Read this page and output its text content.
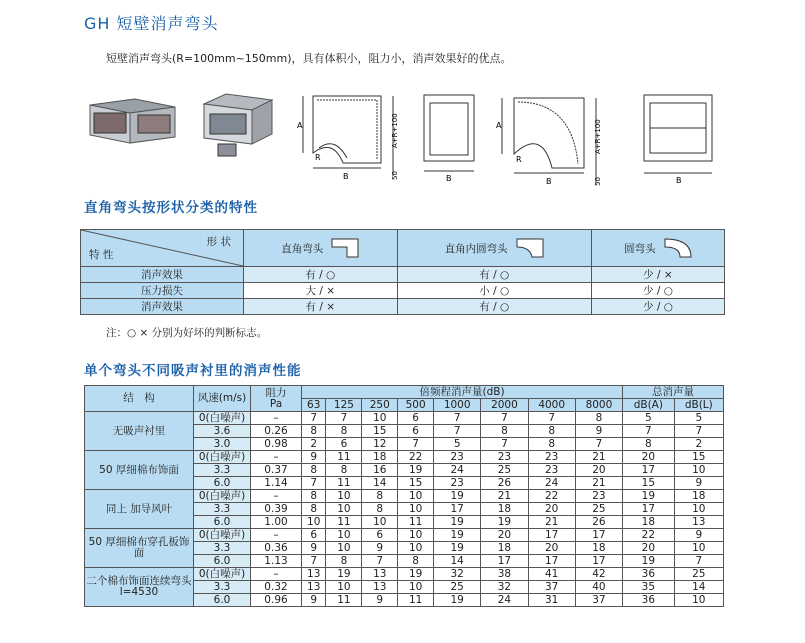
GH 短壁消声弯头
短壁消声弯头(R=100mm~150mm)，具有体积小，阻力小，消声效果好的优点。
A
B
R
A+R+100
50	B
A
B
R
A+R+100
50	B
直角弯头按形状分类的特性
形 状
特 性	直角弯头	直角内圆弯头	圆弯头

消声效果	有 / ○	有 / ○	少 / ×
压力损失	大 / ×	小 / ○	少 / ○
消声效果	有 / ×	有 / ○	少 / ○
注：○ × 分别为好坏的判断标志。
单个弯头不同吸声衬里的消声性能
结　构	风速(m/s)	阻力
Pa	倍频程消声量(dB)								总消声量	
			63	125	250	500	1000	2000	4000	8000	dB(A)	dB(L)
无吸声衬里	0(白噪声)	–	7	7	10	6	7	7	7	8	5	5
	3.6	0.26	8	8	15	6	7	8	8	9	7	7
	3.0	0.98	2	6	12	7	5	7	8	7	8	2
50 厚细棉布饰面	0(白噪声)	–	9	11	18	22	23	23	23	21	20	15
	3.3	0.37	8	8	16	19	24	25	23	20	17	10
	6.0	1.14	7	11	14	15	23	26	24	21	15	9
同上 加导风叶	0(白噪声)	–	8	10	8	10	19	21	22	23	19	18
	3.3	0.39	8	10	8	10	17	18	20	25	17	10
	6.0	1.00	10	11	10	11	19	19	21	26	18	13
50 厚细棉布穿孔板饰面	0(白噪声)	–	6	10	6	10	19	20	17	17	22	9
	3.3	0.36	9	10	9	10	19	18	20	18	20	10
	6.0	1.13	7	8	7	8	14	17	17	17	19	7
二个棉布饰面连续弯头 l=4530	0(白噪声)	–	13	19	13	19	32	38	41	42	36	25
	3.3	0.32	13	10	13	10	25	32	37	40	35	14
	6.0	0.96	9	11	9	11	19	24	31	37	36	10
